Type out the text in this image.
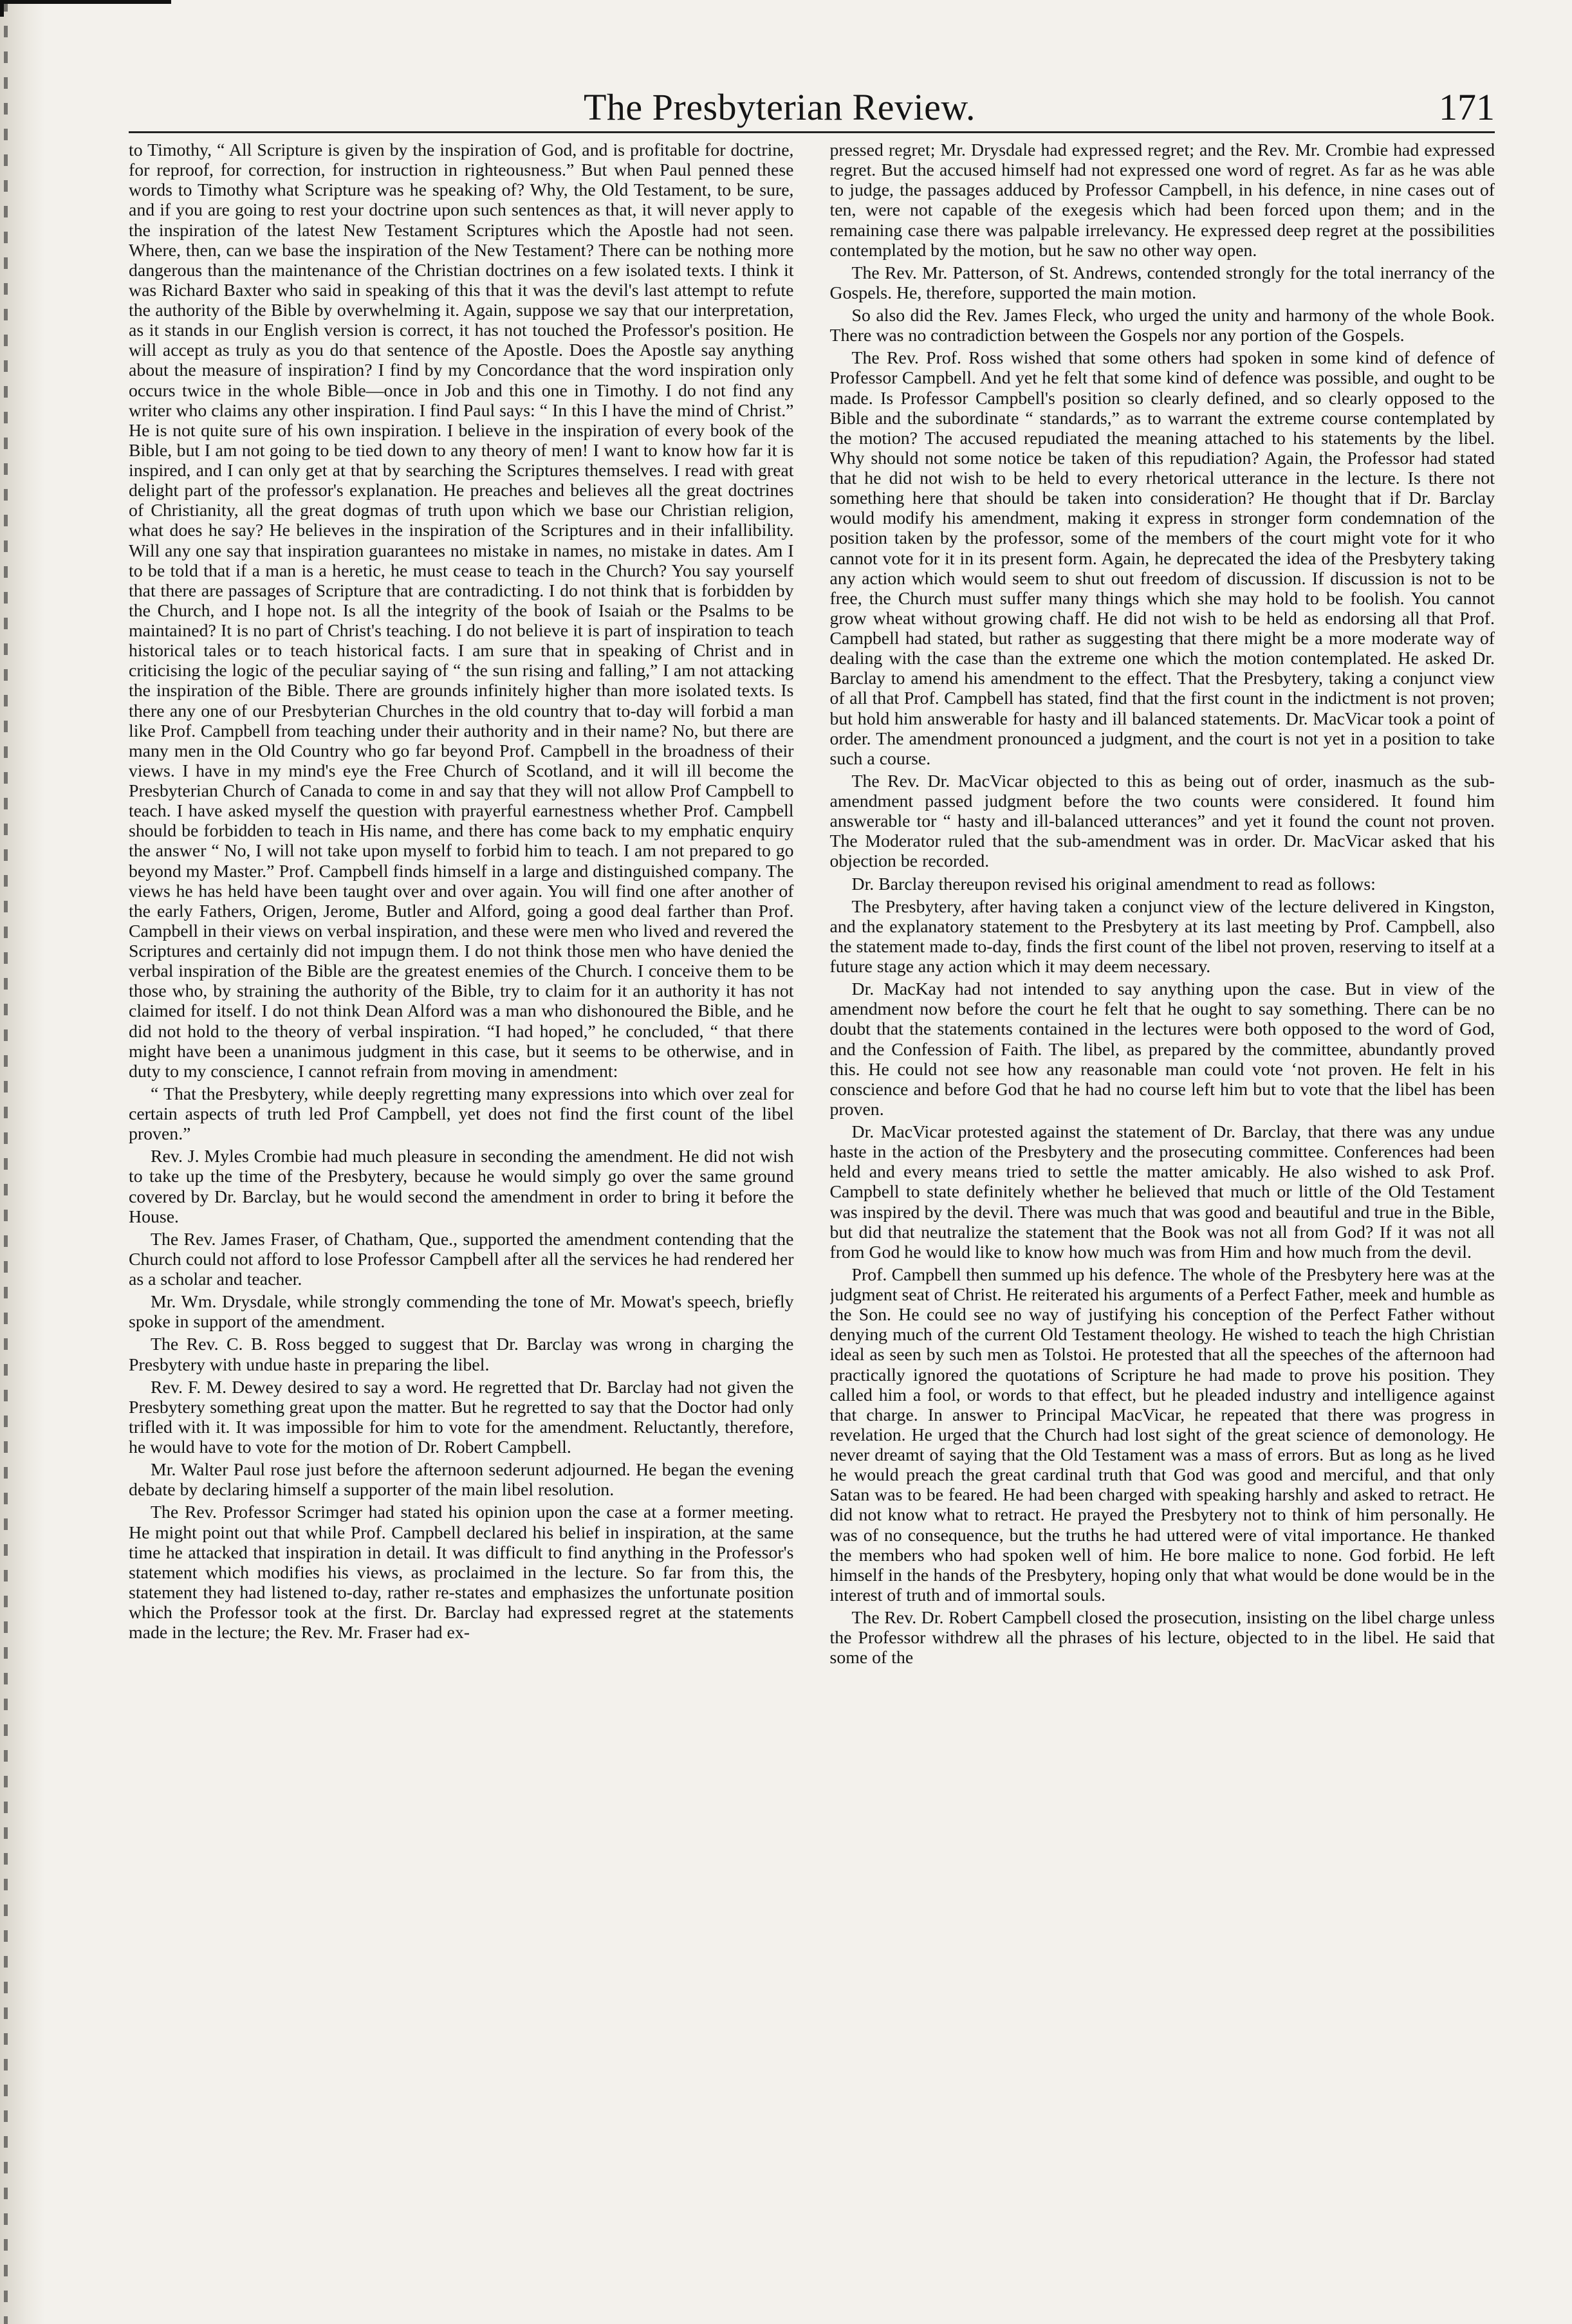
The Presbyterian Review.	171

to Timothy, “ All Scripture is given by the inspiration of God, and is profitable for doctrine, for reproof, for correction, for instruction in righteousness.” But when Paul penned these words to Timothy what Scripture was he speaking of? Why, the Old Testament, to be sure, and if you are going to rest your doctrine upon such sentences as that, it will never apply to the inspiration of the latest New Testament Scriptures which the Apostle had not seen. Where, then, can we base the inspiration of the New Testament? There can be nothing more dangerous than the maintenance of the Christian doctrines on a few isolated texts. I think it was Richard Baxter who said in speaking of this that it was the devil's last attempt to refute the authority of the Bible by overwhelming it. Again, suppose we say that our interpretation, as it stands in our English version is correct, it has not touched the Professor's position. He will accept as truly as you do that sentence of the Apostle. Does the Apostle say anything about the measure of inspiration? I find by my Concordance that the word inspiration only occurs twice in the whole Bible—once in Job and this one in Timothy. I do not find any writer who claims any other inspiration. I find Paul says: “ In this I have the mind of Christ.” He is not quite sure of his own inspiration. I believe in the inspiration of every book of the Bible, but I am not going to be tied down to any theory of men! I want to know how far it is inspired, and I can only get at that by searching the Scriptures themselves. I read with great delight part of the professor's explanation. He preaches and believes all the great doctrines of Christianity, all the great dogmas of truth upon which we base our Christian religion, what does he say? He believes in the inspiration of the Scriptures and in their infallibility. Will any one say that inspiration guarantees no mistake in names, no mistake in dates. Am I to be told that if a man is a heretic, he must cease to teach in the Church? You say yourself that there are passages of Scripture that are contradicting. I do not think that is forbidden by the Church, and I hope not. Is all the integrity of the book of Isaiah or the Psalms to be maintained? It is no part of Christ's teaching. I do not believe it is part of inspiration to teach historical tales or to teach historical facts. I am sure that in speaking of Christ and in criticising the logic of the peculiar saying of “ the sun rising and falling,” I am not attacking the inspiration of the Bible. There are grounds infinitely higher than more isolated texts. Is there any one of our Presbyterian Churches in the old country that to-day will forbid a man like Prof. Campbell from teaching under their authority and in their name? No, but there are many men in the Old Country who go far beyond Prof. Campbell in the broadness of their views. I have in my mind's eye the Free Church of Scotland, and it will ill become the Presbyterian Church of Canada to come in and say that they will not allow Prof Campbell to teach. I have asked myself the question with prayerful earnestness whether Prof. Campbell should be forbidden to teach in His name, and there has come back to my emphatic enquiry the answer “ No, I will not take upon myself to forbid him to teach. I am not prepared to go beyond my Master.” Prof. Campbell finds himself in a large and distinguished company. The views he has held have been taught over and over again. You will find one after another of the early Fathers, Origen, Jerome, Butler and Alford, going a good deal farther than Prof. Campbell in their views on verbal inspiration, and these were men who lived and revered the Scriptures and certainly did not impugn them. I do not think those men who have denied the verbal inspiration of the Bible are the greatest enemies of the Church. I conceive them to be those who, by straining the authority of the Bible, try to claim for it an authority it has not claimed for itself. I do not think Dean Alford was a man who dishonoured the Bible, and he did not hold to the theory of verbal inspiration. “I had hoped,” he concluded, “ that there might have been a unanimous judgment in this case, but it seems to be otherwise, and in duty to my conscience, I cannot refrain from moving in amendment:

“ That the Presbytery, while deeply regretting many expressions into which over zeal for certain aspects of truth led Prof Campbell, yet does not find the first count of the libel proven.”

Rev. J. Myles Crombie had much pleasure in seconding the amendment. He did not wish to take up the time of the Presbytery, because he would simply go over the same ground covered by Dr. Barclay, but he would second the amendment in order to bring it before the House.

The Rev. James Fraser, of Chatham, Que., supported the amendment contending that the Church could not afford to lose Professor Campbell after all the services he had rendered her as a scholar and teacher.

Mr. Wm. Drysdale, while strongly commending the tone of Mr. Mowat's speech, briefly spoke in support of the amendment.

The Rev. C. B. Ross begged to suggest that Dr. Barclay was wrong in charging the Presbytery with undue haste in preparing the libel.

Rev. F. M. Dewey desired to say a word. He regretted that Dr. Barclay had not given the Presbytery something great upon the matter. But he regretted to say that the Doctor had only trifled with it. It was impossible for him to vote for the amendment. Reluctantly, therefore, he would have to vote for the motion of Dr. Robert Campbell.

Mr. Walter Paul rose just before the afternoon sederunt adjourned. He began the evening debate by declaring himself a supporter of the main libel resolution.

The Rev. Professor Scrimger had stated his opinion upon the case at a former meeting. He might point out that while Prof. Campbell declared his belief in inspiration, at the same time he attacked that inspiration in detail. It was difficult to find anything in the Professor's statement which modifies his views, as proclaimed in the lecture. So far from this, the statement they had listened to-day, rather re-states and emphasizes the unfortunate position which the Professor took at the first. Dr. Barclay had expressed regret at the statements made in the lecture; the Rev. Mr. Fraser had ex-

pressed regret; Mr. Drysdale had expressed regret; and the Rev. Mr. Crombie had expressed regret. But the accused himself had not expressed one word of regret. As far as he was able to judge, the passages adduced by Professor Campbell, in his defence, in nine cases out of ten, were not capable of the exegesis which had been forced upon them; and in the remaining case there was palpable irrelevancy. He expressed deep regret at the possibilities contemplated by the motion, but he saw no other way open.

The Rev. Mr. Patterson, of St. Andrews, contended strongly for the total inerrancy of the Gospels. He, therefore, supported the main motion.

So also did the Rev. James Fleck, who urged the unity and harmony of the whole Book. There was no contradiction between the Gospels nor any portion of the Gospels.

The Rev. Prof. Ross wished that some others had spoken in some kind of defence of Professor Campbell. And yet he felt that some kind of defence was possible, and ought to be made. Is Professor Campbell's position so clearly defined, and so clearly opposed to the Bible and the subordinate “ standards,” as to warrant the extreme course contemplated by the motion? The accused repudiated the meaning attached to his statements by the libel. Why should not some notice be taken of this repudiation? Again, the Professor had stated that he did not wish to be held to every rhetorical utterance in the lecture. Is there not something here that should be taken into consideration? He thought that if Dr. Barclay would modify his amendment, making it express in stronger form condemnation of the position taken by the professor, some of the members of the court might vote for it who cannot vote for it in its present form. Again, he deprecated the idea of the Presbytery taking any action which would seem to shut out freedom of discussion. If discussion is not to be free, the Church must suffer many things which she may hold to be foolish. You cannot grow wheat without growing chaff. He did not wish to be held as endorsing all that Prof. Campbell had stated, but rather as suggesting that there might be a more moderate way of dealing with the case than the extreme one which the motion contemplated. He asked Dr. Barclay to amend his amendment to the effect. That the Presbytery, taking a conjunct view of all that Prof. Campbell has stated, find that the first count in the indictment is not proven; but hold him answerable for hasty and ill balanced statements. Dr. MacVicar took a point of order. The amendment pronounced a judgment, and the court is not yet in a position to take such a course.

The Rev. Dr. MacVicar objected to this as being out of order, inasmuch as the sub-amendment passed judgment before the two counts were considered. It found him answerable tor “ hasty and ill-balanced utterances” and yet it found the count not proven. The Moderator ruled that the sub-amendment was in order. Dr. MacVicar asked that his objection be recorded.

Dr. Barclay thereupon revised his original amendment to read as follows:

The Presbytery, after having taken a conjunct view of the lecture delivered in Kingston, and the explanatory statement to the Presbytery at its last meeting by Prof. Campbell, also the statement made to-day, finds the first count of the libel not proven, reserving to itself at a future stage any action which it may deem necessary.

Dr. MacKay had not intended to say anything upon the case. But in view of the amendment now before the court he felt that he ought to say something. There can be no doubt that the statements contained in the lectures were both opposed to the word of God, and the Confession of Faith. The libel, as prepared by the committee, abundantly proved this. He could not see how any reasonable man could vote ‘not proven. He felt in his conscience and before God that he had no course left him but to vote that the libel has been proven.

Dr. MacVicar protested against the statement of Dr. Barclay, that there was any undue haste in the action of the Presbytery and the prosecuting committee. Conferences had been held and every means tried to settle the matter amicably. He also wished to ask Prof. Campbell to state definitely whether he believed that much or little of the Old Testament was inspired by the devil. There was much that was good and beautiful and true in the Bible, but did that neutralize the statement that the Book was not all from God? If it was not all from God he would like to know how much was from Him and how much from the devil.

Prof. Campbell then summed up his defence. The whole of the Presbytery here was at the judgment seat of Christ. He reiterated his arguments of a Perfect Father, meek and humble as the Son. He could see no way of justifying his conception of the Perfect Father without denying much of the current Old Testament theology. He wished to teach the high Christian ideal as seen by such men as Tolstoi. He protested that all the speeches of the afternoon had practically ignored the quotations of Scripture he had made to prove his position. They called him a fool, or words to that effect, but he pleaded industry and intelligence against that charge. In answer to Principal MacVicar, he repeated that there was progress in revelation. He urged that the Church had lost sight of the great science of demonology. He never dreamt of saying that the Old Testament was a mass of errors. But as long as he lived he would preach the great cardinal truth that God was good and merciful, and that only Satan was to be feared. He had been charged with speaking harshly and asked to retract. He did not know what to retract. He prayed the Presbytery not to think of him personally. He was of no consequence, but the truths he had uttered were of vital importance. He thanked the members who had spoken well of him. He bore malice to none. God forbid. He left himself in the hands of the Presbytery, hoping only that what would be done would be in the interest of truth and of immortal souls.

The Rev. Dr. Robert Campbell closed the prosecution, insisting on the libel charge unless the Professor withdrew all the phrases of his lecture, objected to in the libel. He said that some of the
